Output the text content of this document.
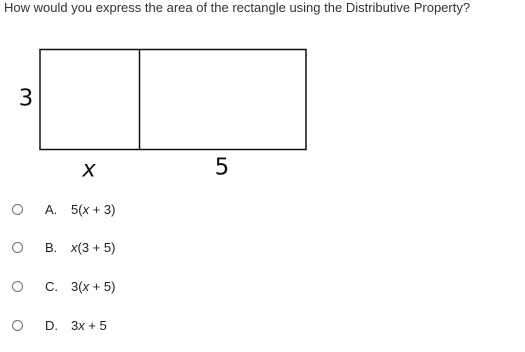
How would you express the area of the rectangle using the Distributive Property?
3
x	5
A.	5(x + 3)
B.	x(3 + 5)
C.	3(x + 5)
D.	3x + 5
